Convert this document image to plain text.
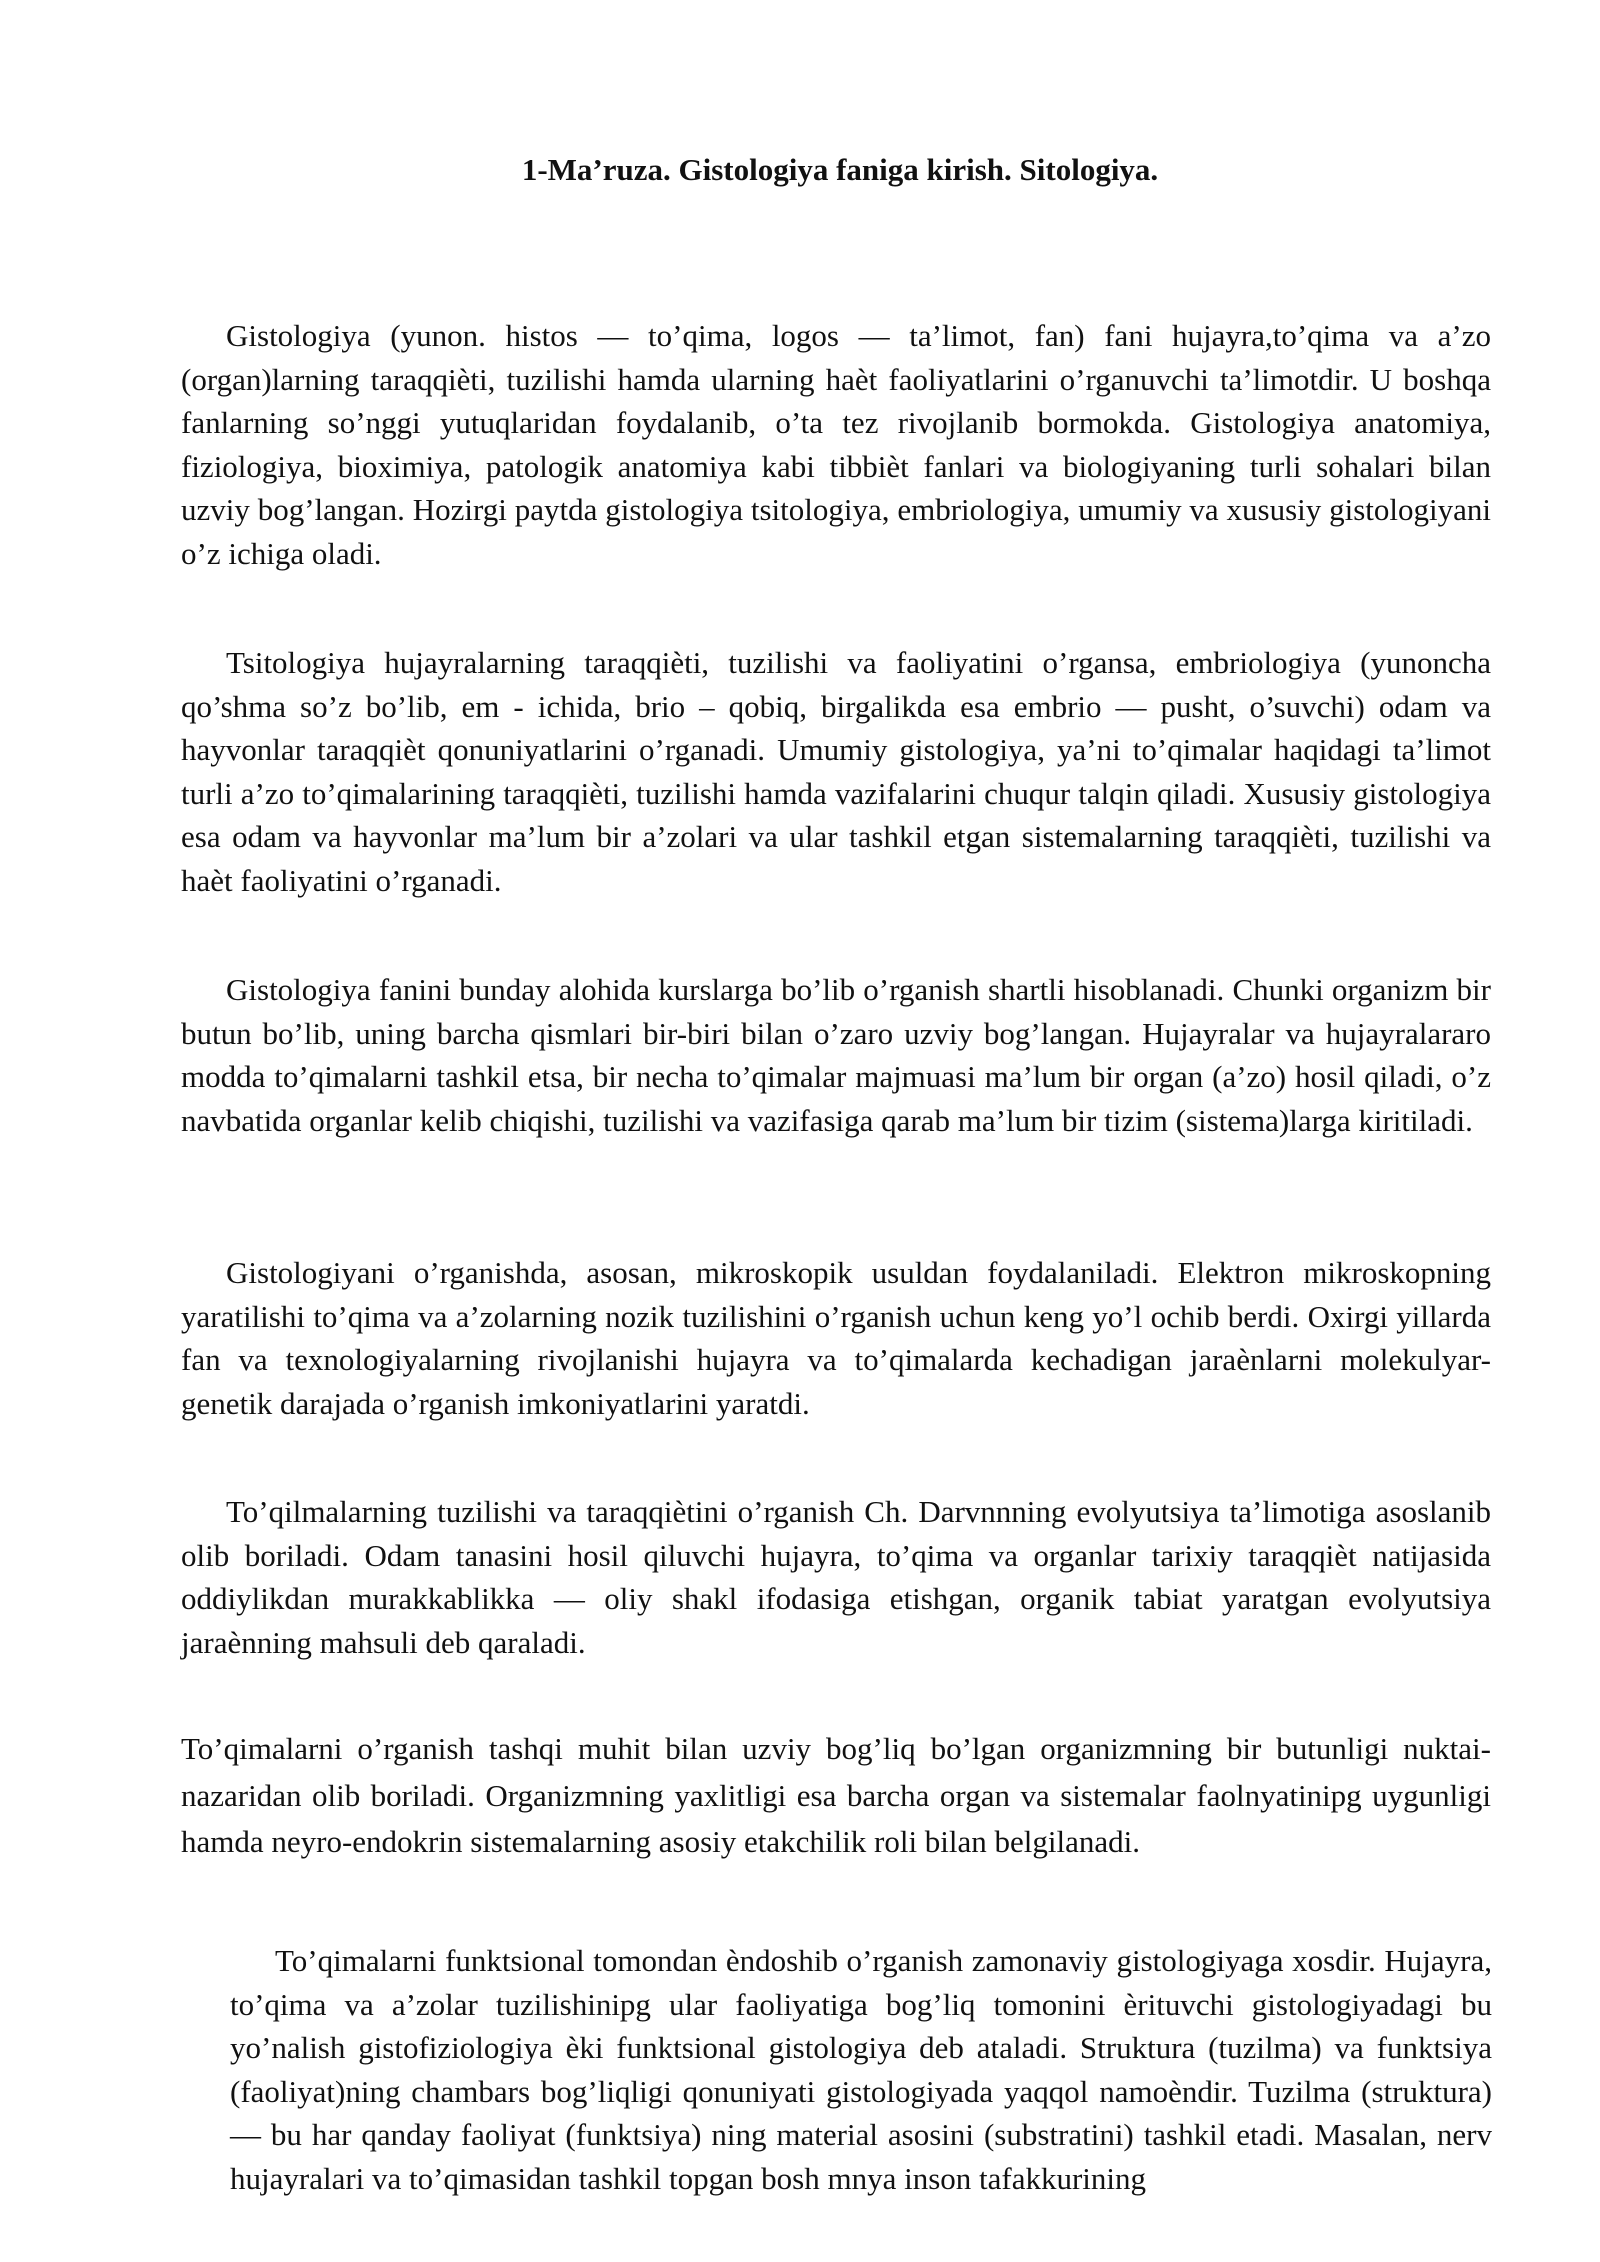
1-Ma’ruza. Gistologiya faniga kirish. Sitologiya.

Gistologiya (yunon. histos — to’qima, logos — ta’limot, fan) fani hujayra,to’qima va a’zo (organ)larning taraqqièti, tuzilishi hamda ularning haèt faoliyatlarini o’rganuvchi ta’limotdir. U boshqa fanlarning so’nggi yutuqlaridan foydalanib, o’ta tez rivojlanib bormokda. Gistologiya anatomiya, fiziologiya, bioximiya, patologik anatomiya kabi tibbièt fanlari va biologiyaning turli sohalari bilan uzviy bog’langan. Hozirgi paytda gistologiya tsitologiya, embriologiya, umumiy va xususiy gistologiyani o’z ichiga oladi.

Tsitologiya hujayralarning taraqqièti, tuzilishi va faoliyatini o’rgansa, embriologiya (yunoncha qo’shma so’z bo’lib, em - ichida, brio – qobiq, birgalikda esa embrio — pusht, o’suvchi) odam va hayvonlar taraqqièt qonuniyatlarini o’rganadi. Umumiy gistologiya, ya’ni to’qimalar haqidagi ta’limot turli a’zo to’qimalarining taraqqièti, tuzilishi hamda vazifalarini chuqur talqin qiladi. Xususiy gistologiya esa odam va hayvonlar ma’lum bir a’zolari va ular tashkil etgan sistemalarning taraqqièti, tuzilishi va haèt faoliyatini o’rganadi.

Gistologiya fanini bunday alohida kurslarga bo’lib o’rganish shartli hisoblanadi. Chunki organizm bir butun bo’lib, uning barcha qismlari bir-biri bilan o’zaro uzviy bog’langan. Hujayralar va hujayralararo modda to’qimalarni tashkil etsa, bir necha to’qimalar majmuasi ma’lum bir organ (a’zo) hosil qiladi, o’z navbatida organlar kelib chiqishi, tuzilishi va vazifasiga qarab ma’lum bir tizim (sistema)larga kiritiladi.

Gistologiyani o’rganishda, asosan, mikroskopik usuldan foydalaniladi. Elektron mikroskopning yaratilishi to’qima va a’zolarning nozik tuzilishini o’rganish uchun keng yo’l ochib berdi. Oxirgi yillarda fan va texnologiyalarning rivojlanishi hujayra va to’qimalarda kechadigan jaraènlarni molekulyar-genetik darajada o’rganish imkoniyatlarini yaratdi.

To’qilmalarning tuzilishi va taraqqiètini o’rganish Ch. Darvnnning evolyutsiya ta’limotiga asoslanib olib boriladi. Odam tanasini hosil qiluvchi hujayra, to’qima va organlar tarixiy taraqqièt natijasida oddiylikdan murakkablikka — oliy shakl ifodasiga etishgan, organik tabiat yaratgan evolyutsiya jaraènning mahsuli deb qaraladi.

To’qimalarni o’rganish tashqi muhit bilan uzviy bog’liq bo’lgan organizmning bir butunligi nuktai-nazaridan olib boriladi. Organizmning yaxlitligi esa barcha organ va sistemalar faolnyatinipg uygunligi hamda neyro-endokrin sistemalarning asosiy etakchilik roli bilan belgilanadi.

To’qimalarni funktsional tomondan èndoshib o’rganish zamonaviy gistologiyaga xosdir. Hujayra, to’qima va a’zolar tuzilishinipg ular faoliyatiga bog’liq tomonini èrituvchi gistologiyadagi bu yo’nalish gistofiziologiya èki funktsional gistologiya deb ataladi. Struktura (tuzilma) va funktsiya (faoliyat)ning chambars bog’liqligi qonuniyati gistologiyada yaqqol namoèndir. Tuzilma (struktura) — bu har qanday faoliyat (funktsiya) ning material asosini (substratini) tashkil etadi. Masalan, nerv hujayralari va to’qimasidan tashkil topgan bosh mnya inson tafakkurining
